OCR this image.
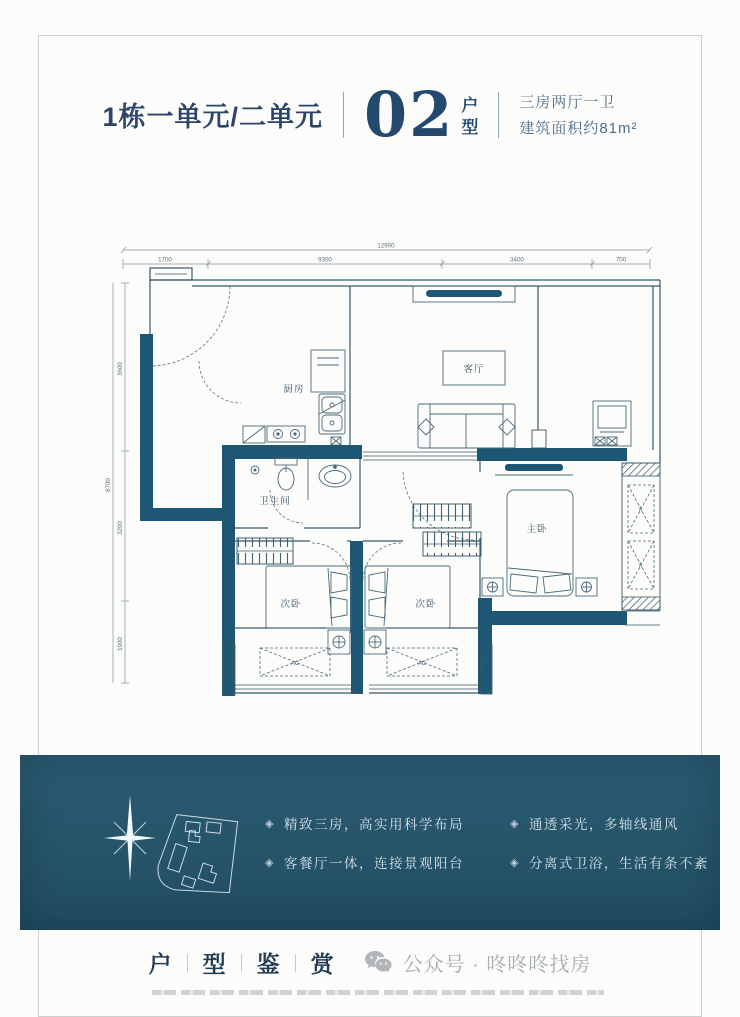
1栋一单元/二单元 02 户
型
三房两厅一卫
建筑面积约81m²
12900
1700	9300	3400	700
8700
3600
3200
1900
AC	AC
AC
AC
厨房
客厅
卫生间
次卧	次卧
主卧
◈ 精致三房，高实用科学布局	◈ 通透采光，多轴线通风
◈ 客餐厅一体，连接景观阳台	◈ 分离式卫浴，生活有条不紊
户 型 鉴 赏	公众号 · 咚咚咚找房
